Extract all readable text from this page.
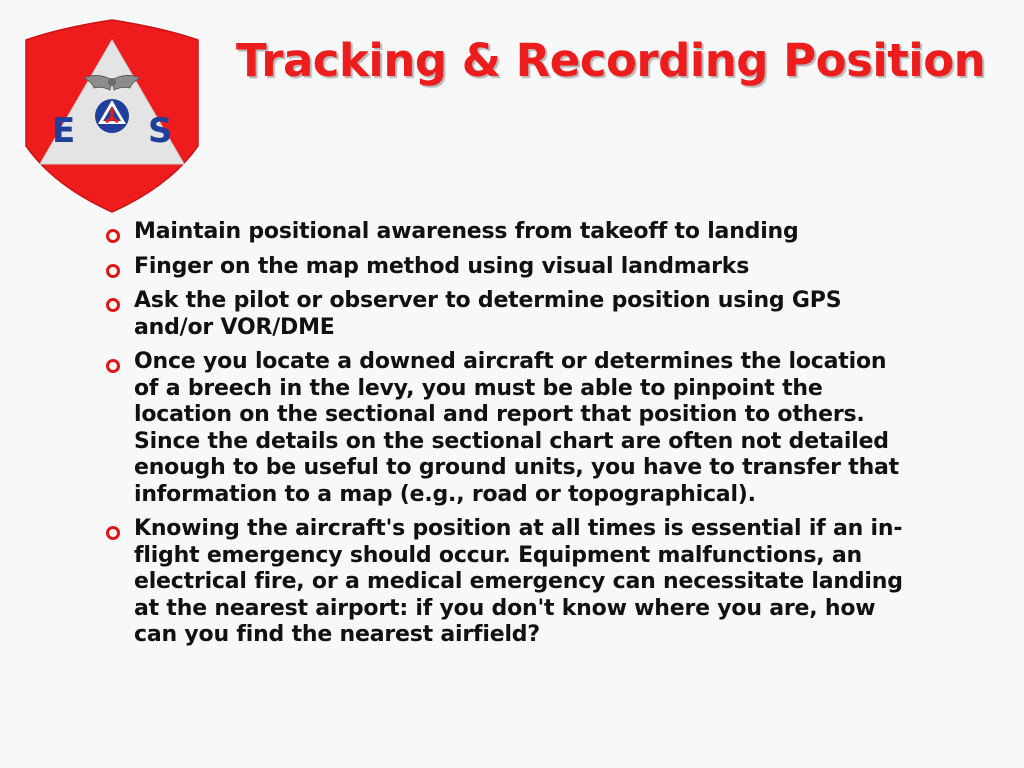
E S
Tracking & Recording Position
Maintain positional awareness from takeoff to landing
Finger on the map method using visual landmarks
Ask the pilot or observer to determine position using GPS and/or VOR/DME
Once you locate a downed aircraft or determines the location of a breech in the levy, you must be able to pinpoint the location on the sectional and report that position to others. Since the details on the sectional chart are often not detailed enough to be useful to ground units, you have to transfer that information to a map (e.g., road or topographical).
Knowing the aircraft's position at all times is essential if an in-flight emergency should occur. Equipment malfunctions, an electrical fire, or a medical emergency can necessitate landing at the nearest airport: if you don't know where you are, how can you find the nearest airfield?
